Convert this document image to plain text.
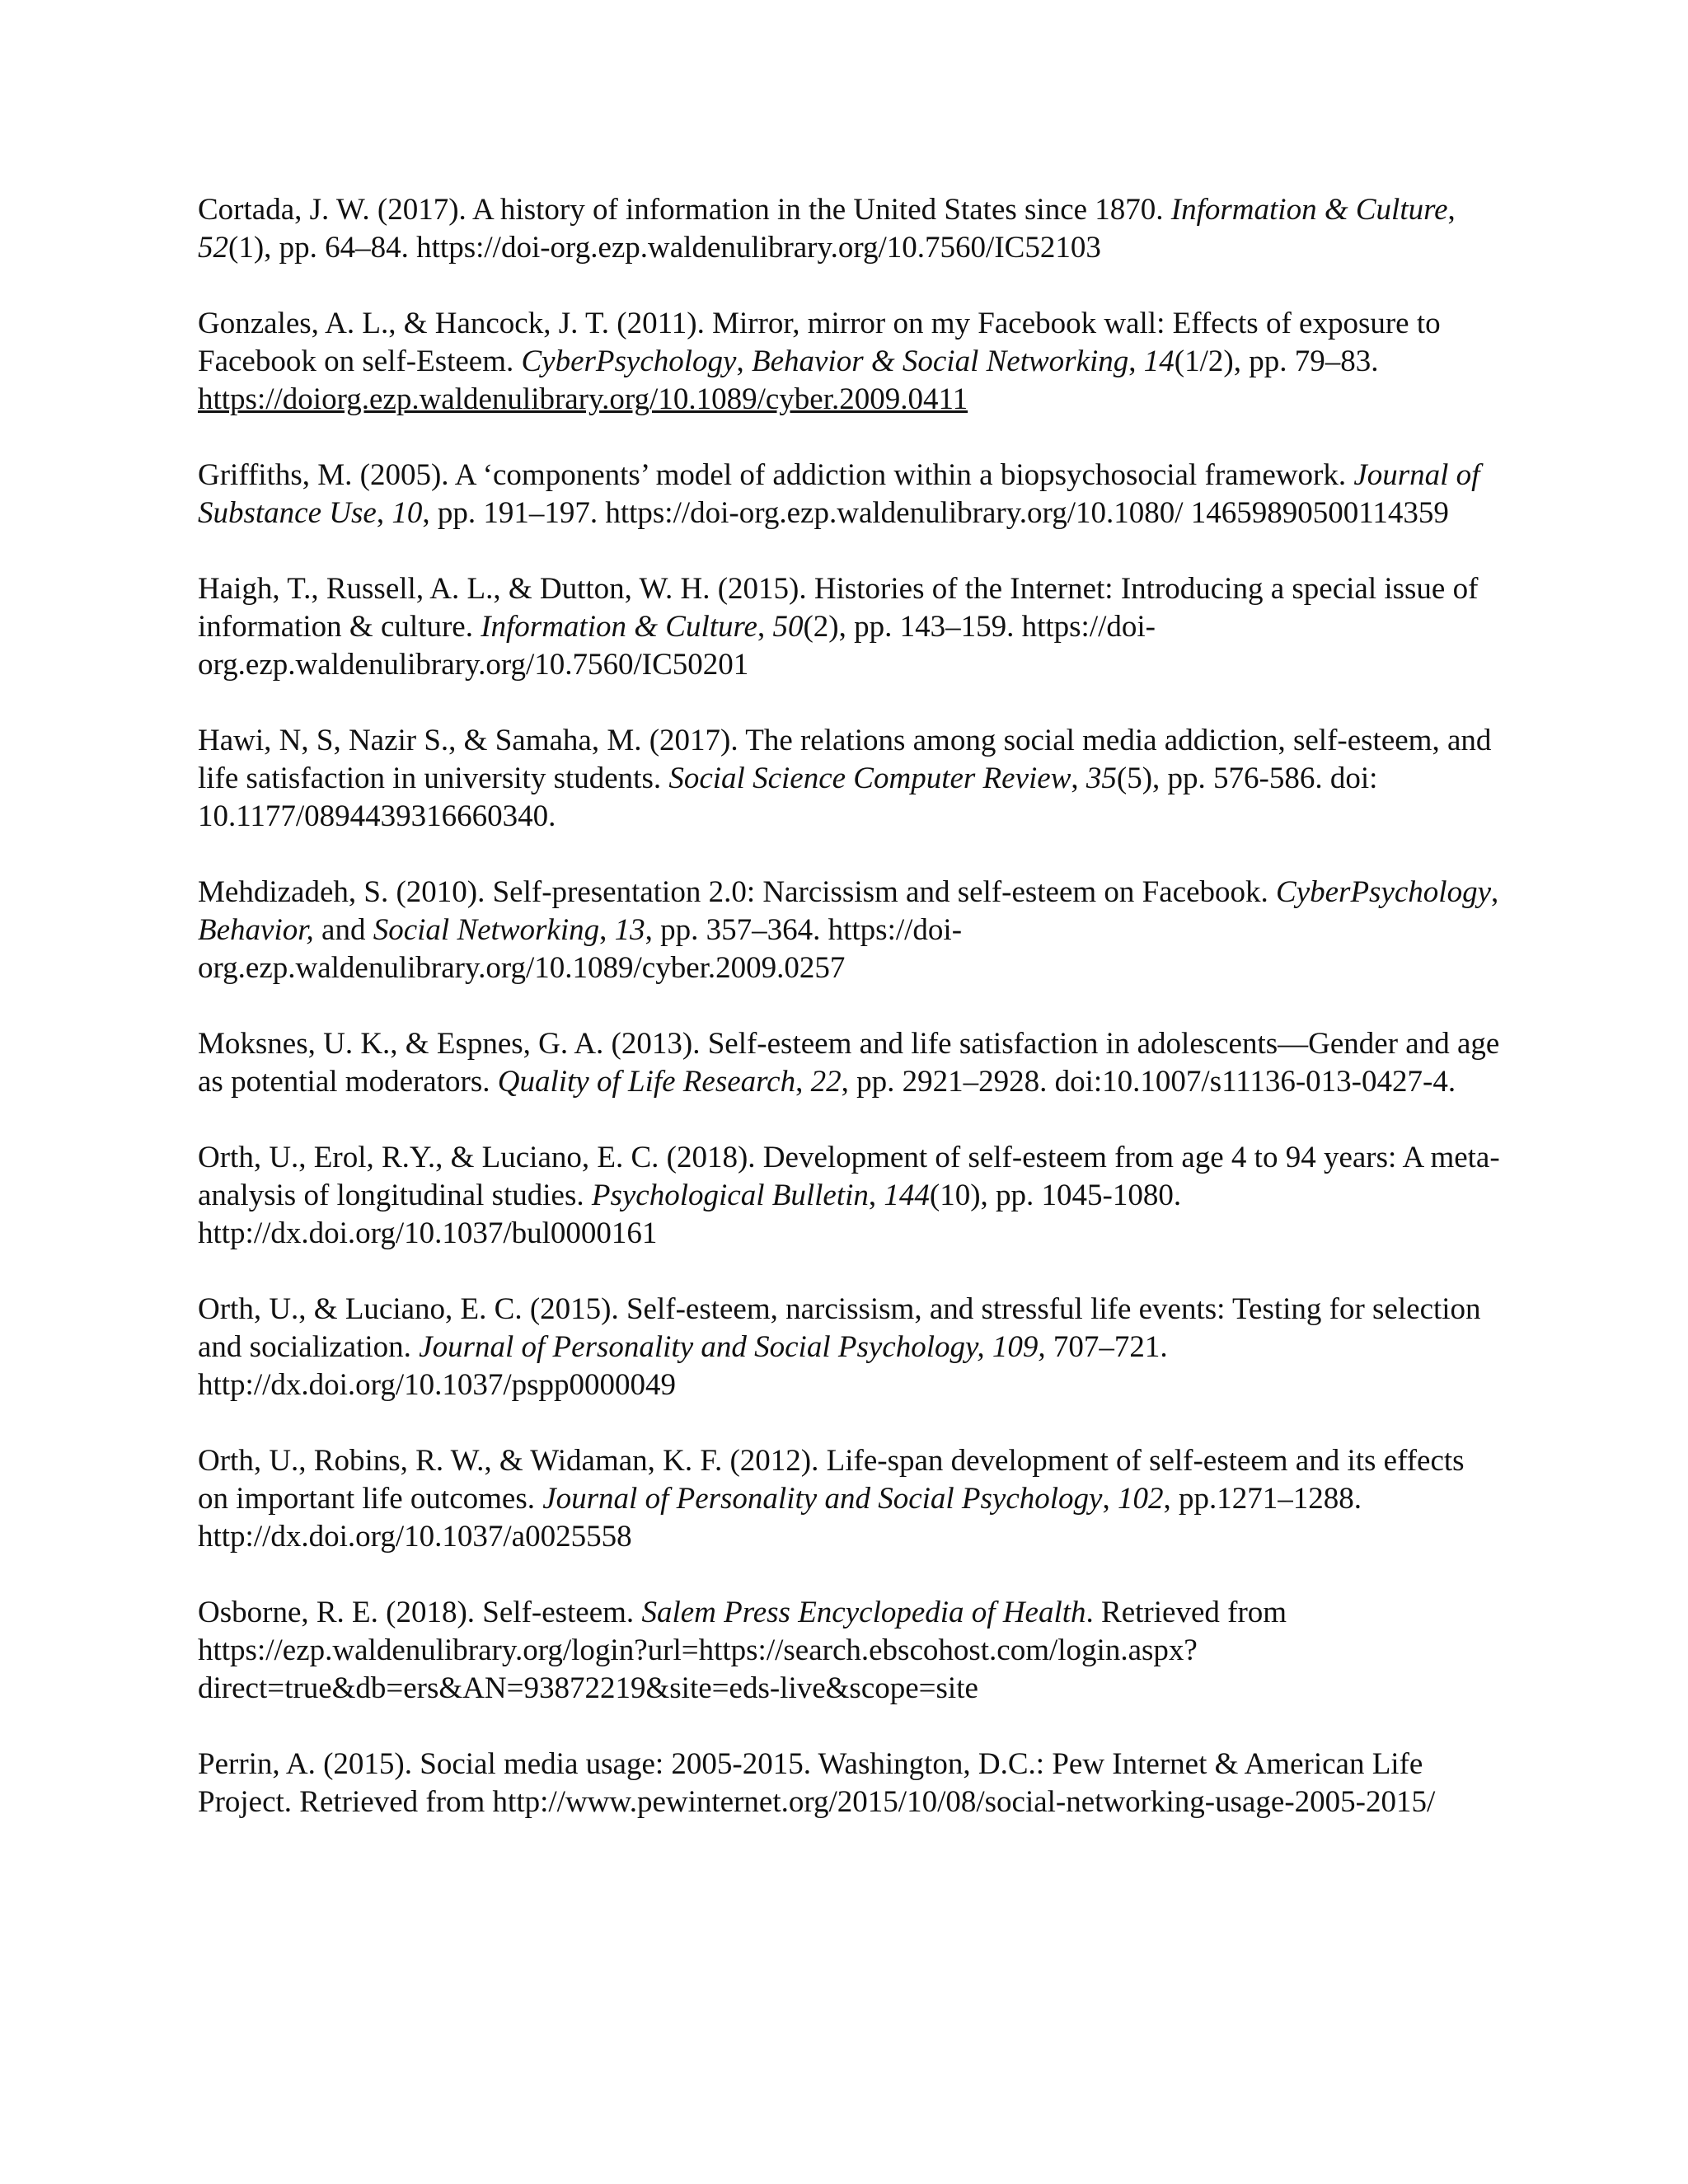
Cortada, J. W. (2017). A history of information in the United States since 1870. Information & Culture, 52(1), pp. 64–84. https://doi-org.ezp.waldenulibrary.org/10.7560/IC52103
Gonzales, A. L., & Hancock, J. T. (2011). Mirror, mirror on my Facebook wall: Effects of exposure to Facebook on self-Esteem. CyberPsychology, Behavior & Social Networking, 14(1/2), pp. 79–83. https://doiorg.ezp.waldenulibrary.org/10.1089/cyber.2009.0411
Griffiths, M. (2005). A ‘components’ model of addiction within a biopsychosocial framework. Journal of Substance Use, 10, pp. 191–197. https://doi-org.ezp.waldenulibrary.org/10.1080/ 14659890500114359
Haigh, T., Russell, A. L., & Dutton, W. H. (2015). Histories of the Internet: Introducing a special issue of information & culture. Information & Culture, 50(2), pp. 143–159. https://doi-org.ezp.waldenulibrary.org/10.7560/IC50201
Hawi, N, S, Nazir S., & Samaha, M. (2017). The relations among social media addiction, self-esteem, and life satisfaction in university students. Social Science Computer Review, 35(5), pp. 576-586. doi: 10.1177/0894439316660340.
Mehdizadeh, S. (2010). Self-presentation 2.0: Narcissism and self-esteem on Facebook. CyberPsychology, Behavior, and Social Networking, 13, pp. 357–364. https://doi-org.ezp.waldenulibrary.org/10.1089/cyber.2009.0257
Moksnes, U. K., & Espnes, G. A. (2013). Self-esteem and life satisfaction in adolescents—Gender and age as potential moderators. Quality of Life Research, 22, pp. 2921–2928. doi:10.1007/s11136-013-0427-4.
Orth, U., Erol, R.Y., & Luciano, E. C. (2018). Development of self-esteem from age 4 to 94 years: A meta-analysis of longitudinal studies. Psychological Bulletin, 144(10), pp. 1045-1080. http://dx.doi.org/10.1037/bul0000161
Orth, U., & Luciano, E. C. (2015). Self-esteem, narcissism, and stressful life events: Testing for selection and socialization. Journal of Personality and Social Psychology, 109, 707–721. http://dx.doi.org/10.1037/pspp0000049
Orth, U., Robins, R. W., & Widaman, K. F. (2012). Life-span development of self-esteem and its effects on important life outcomes. Journal of Personality and Social Psychology, 102, pp.1271–1288. http://dx.doi.org/10.1037/a0025558
Osborne, R. E. (2018). Self-esteem. Salem Press Encyclopedia of Health. Retrieved from https://ezp.waldenulibrary.org/login?url=https://search.ebscohost.com/login.aspx? direct=true&db=ers&AN=93872219&site=eds-live&scope=site
Perrin, A. (2015). Social media usage: 2005-2015. Washington, D.C.: Pew Internet & American Life Project. Retrieved from http://www.pewinternet.org/2015/10/08/social-networking-usage-2005-2015/
